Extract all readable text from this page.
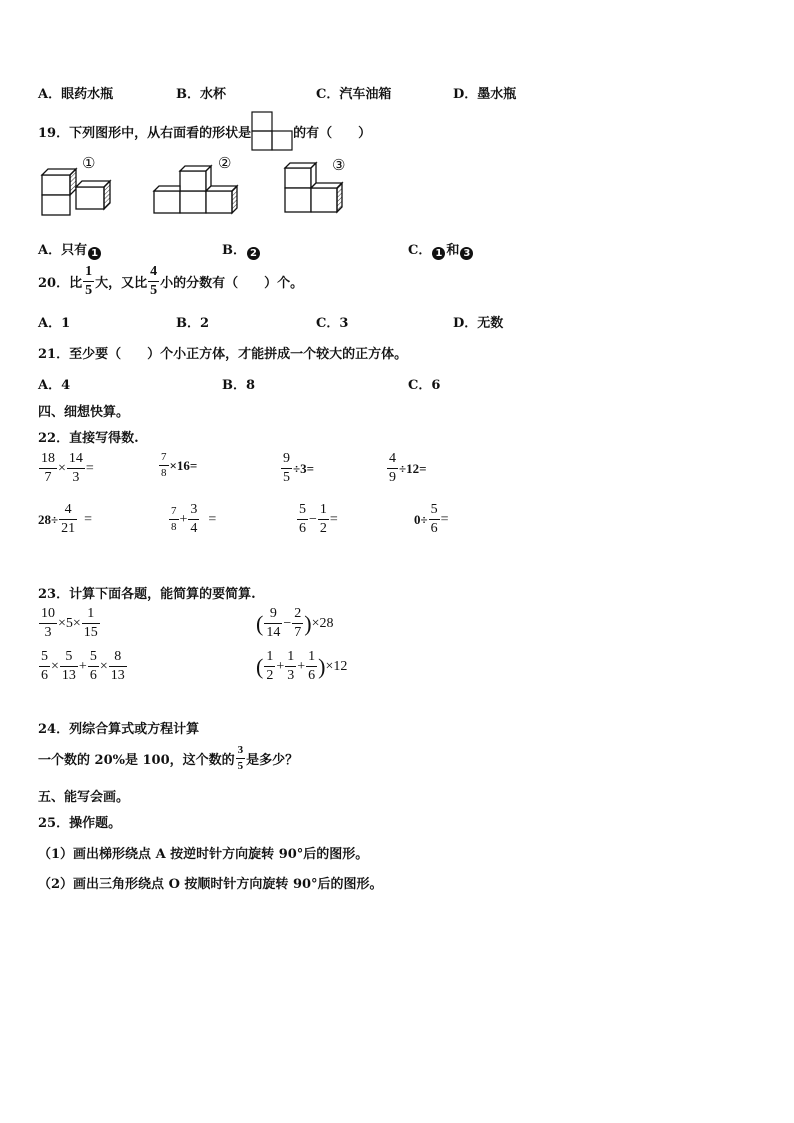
A．眼药水瓶	B．水杯	C．汽车油箱	D．墨水瓶
19．下列图形中，从右面看的形状是	的有（　　）
①	②	③
A．只有 1	B． 2	C． 1 和 3
20．比 $\frac{1}{5}$ 大，又比 $\frac{4}{5}$ 小的分数有（　　）个。
A．1	B．2	C．3	D．无数
21．至少要（　　）个小正方体，才能拼成一个较大的正方体。
A．4	B．8	C．6
四、细想快算。
22．直接写得数.
$\frac{18}{7} \times \frac{14}{3}$ =	$\frac{7}{8} \times 16=$	$\frac{9}{5} \div 3=$	$\frac{4}{9} \div 12=$
$28\div \frac{4}{21}$ =	$\frac{7}{8} + \frac{3}{4}$ =	$\frac{5}{6} - \frac{1}{2}$ =	$0\div \frac{5}{6}$ =
23．计算下面各题，能简算的要简算.
$\frac{10}{3} \times 5\times \frac{1}{15}$	( $\frac{9}{14} - \frac{2}{7}$ ) ×28
$\frac{5}{6} \times \frac{5}{13} + \frac{5}{6} \times \frac{8}{13}$	( $\frac{1}{2} + \frac{1}{3} + \frac{1}{6}$ ) ×12
24．列综合算式或方程计算
一个数的 20%是 100，这个数的 $\frac{3}{5}$ 是多少？
五、能写会画。
25．操作题。
（1）画出梯形绕点 A 按逆时针方向旋转 90°后的图形。
（2）画出三角形绕点 O 按顺时针方向旋转 90°后的图形。
